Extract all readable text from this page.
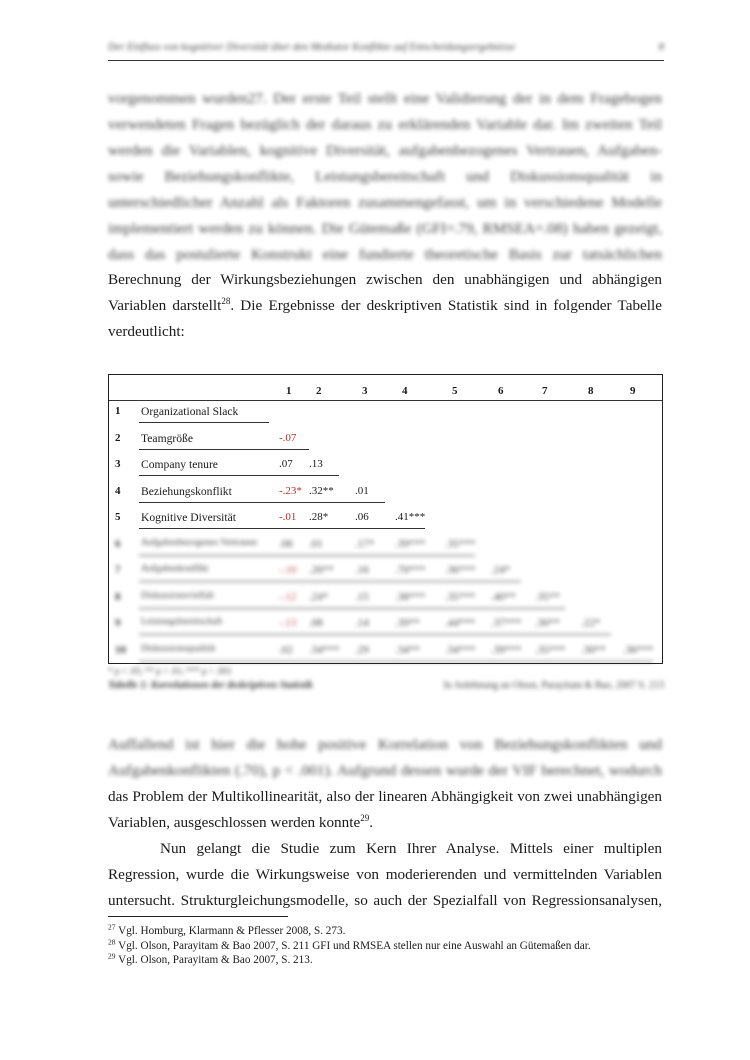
Der Einfluss von kognitiver Diversität über den Mediator Konflikte auf Entscheidungsergebnisse	8
vorgenommen wurden27. Der erste Teil stellt eine Validierung der in dem Fragebogen
verwendeten Fragen bezüglich der daraus zu erklärenden Variable dar. Im zweiten Teil
werden die Variablen, kognitive Diversität, aufgabenbezogenes Vertrauen, Aufgaben-
sowie Beziehungskonflikte, Leistungsbereitschaft und Diskussionsqualität in
unterschiedlicher Anzahl als Faktoren zusammengefasst, um in verschiedene Modelle
implementiert werden zu können. Die Gütemaße (GFI=.79, RMSEA=.08) haben gezeigt,
dass das postulierte Konstrukt eine fundierte theoretische Basis zur tatsächlichen
Berechnung der Wirkungsbeziehungen zwischen den unabhängigen und abhängigen
Variablen darstellt$^{28}$. Die Ergebnisse der deskriptiven Statistik sind in folgender Tabelle
verdeutlicht:
1 2	3	4	5	6	7	8	9
1 Organizational Slack
2 Teamgröße	-.07
3 Company tenure	.07 .13
4 Beziehungskonflikt	-.23* .32** .01
5 Kognitive Diversität	-.01 .28* .06 .41***
6 Aufgabenbezogenes Vertrauen .06 .01	.17* .39*** .35***
7 Aufgabenkonflikt	-.10 .26** .16 .70*** .36*** .24*
8 Diskussionsvielfalt	-.12 .24* .15 .38*** .35*** .40** .35**
9 Leistungsbereitschaft	-.13 .08	.14 .39** .44*** .37*** .30** .22*
10 Diskussionsqualität	.02 .34*** .29 .34** .34*** .39*** .35*** .30** .36***
* p < .05; ** p < .01; *** p < .001
Tabelle 1: Korrelationen der deskriptiven Statistik	In Anlehnung an Olson, Parayitam & Bao, 2007 S. 213
Auffallend ist hier die hohe positive Korrelation von Beziehungskonflikten und
Aufgabenkonflikten (.70), p < .001). Aufgrund dessen wurde der VIF berechnet, wodurch
das Problem der Multikollinearität, also der linearen Abhängigkeit von zwei unabhängigen
Variablen, ausgeschlossen werden konnte$^{29}$.
Nun gelangt die Studie zum Kern Ihrer Analyse. Mittels einer multiplen
Regression, wurde die Wirkungsweise von moderierenden und vermittelnden Variablen
untersucht. Strukturgleichungsmodelle, so auch der Spezialfall von Regressionsanalysen,
$^{27}$ Vgl. Homburg, Klarmann & Pflesser 2008, S. 273.
$^{28}$ Vgl. Olson, Parayitam & Bao 2007, S. 211 GFI und RMSEA stellen nur eine Auswahl an Gütemaßen dar.
$^{29}$ Vgl. Olson, Parayitam & Bao 2007, S. 213.
